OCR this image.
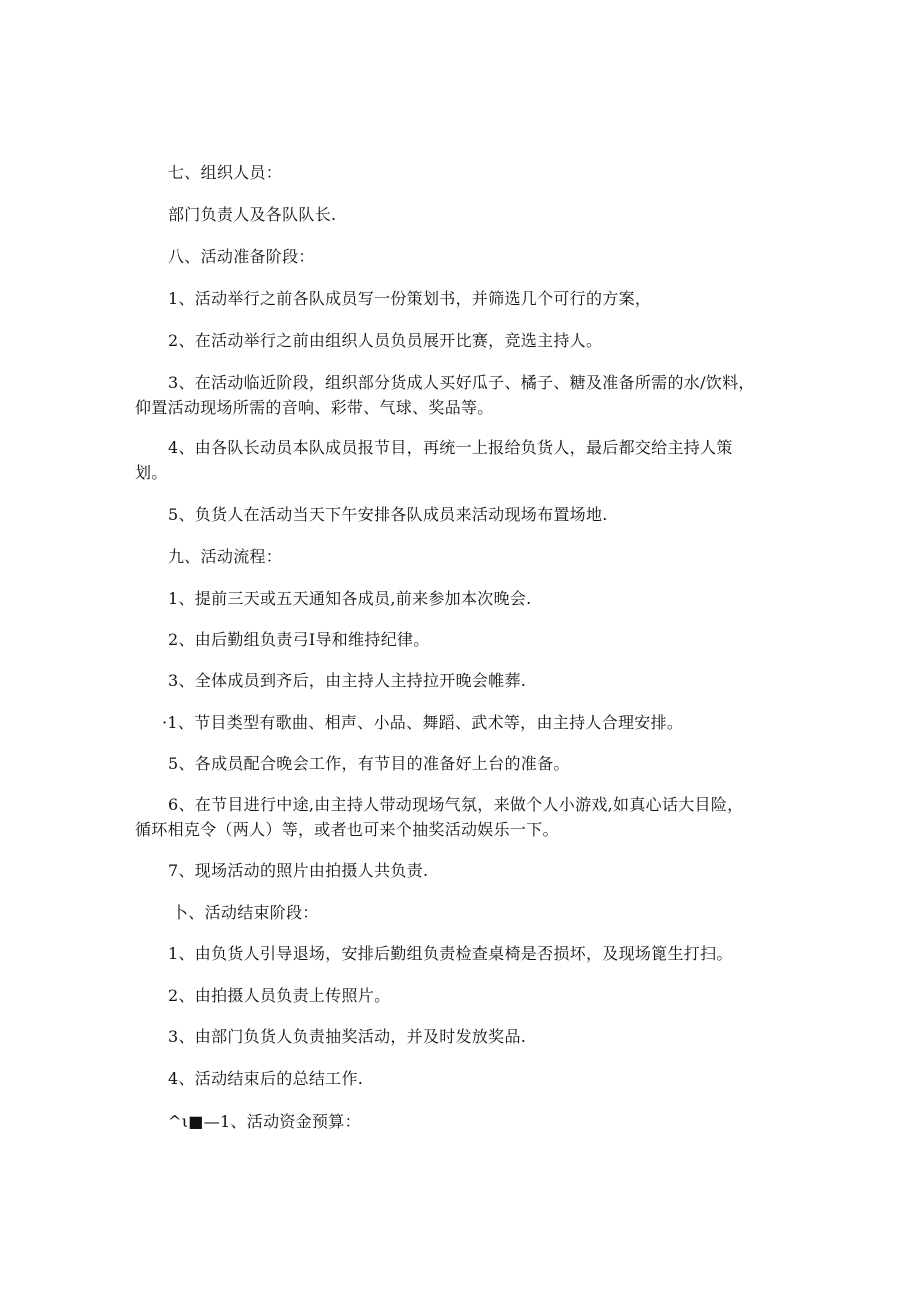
七、组织人员：
部门负责人及各队队长.
八、活动准备阶段：
1、活动举行之前各队成员写一份策划书，并筛选几个可行的方案，
2、在活动举行之前由组织人员负员展开比赛，竞选主持人。
3、在活动临近阶段，组织部分货成人买好瓜子、橘子、糖及准备所需的水/饮料，
仰置活动现场所需的音响、彩带、气球、奖品等。
4、由各队长动员本队成员报节目，再统一上报给负货人，最后都交给主持人策
划。
5、负货人在活动当天下午安排各队成员来活动现场布置场地.
九、活动流程：
1、提前三天或五天通知各成员,前来参加本次晚会.
2、由后勤组负责弓I导和维持纪律。
3、全体成员到齐后，由主持人主持拉开晚会帷葬.
·1、节目类型有歌曲、相声、小品、舞蹈、武术等，由主持人合理安排。
5、各成员配合晚会工作，有节目的准备好上台的准备。
6、在节目进行中途,由主持人带动现场气氛，来做个人小游戏,如真心话大目险，
循环相克令（两人）等，或者也可来个抽奖活动娱乐一下。
7、现场活动的照片由拍摄人共负责.
卜、活动结束阶段：
1、由负货人引导退场，安排后勤组负责检查桌椅是否损坏，及现场篦生打扫。
2、由拍摄人员负责上传照片。
3、由部门负货人负责抽奖活动，并及时发放奖品.
4、活动结束后的总结工作.
^ι■—1、活动资金预算：
